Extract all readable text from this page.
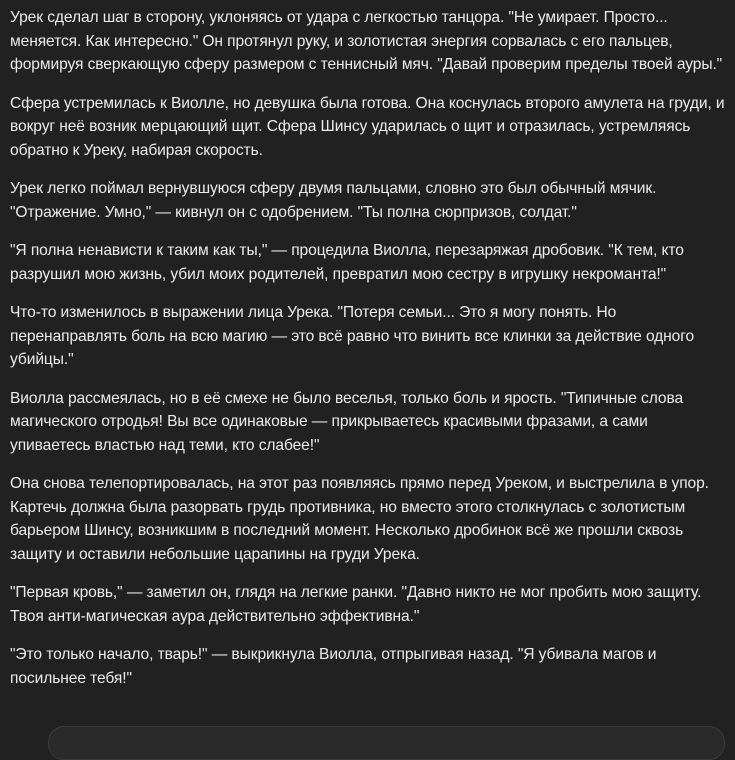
Урек сделал шаг в сторону, уклоняясь от удара с легкостью танцора. "Не умирает. Просто... меняется. Как интересно." Он протянул руку, и золотистая энергия сорвалась с его пальцев, формируя сверкающую сферу размером с теннисный мяч. "Давай проверим пределы твоей ауры."

Сфера устремилась к Виолле, но девушка была готова. Она коснулась второго амулета на груди, и вокруг неё возник мерцающий щит. Сфера Шинсу ударилась о щит и отразилась, устремляясь обратно к Уреку, набирая скорость.

Урек легко поймал вернувшуюся сферу двумя пальцами, словно это был обычный мячик. "Отражение. Умно," — кивнул он с одобрением. "Ты полна сюрпризов, солдат."

"Я полна ненависти к таким как ты," — процедила Виолла, перезаряжая дробовик. "К тем, кто разрушил мою жизнь, убил моих родителей, превратил мою сестру в игрушку некроманта!"

Что-то изменилось в выражении лица Урека. "Потеря семьи... Это я могу понять. Но перенаправлять боль на всю магию — это всё равно что винить все клинки за действие одного убийцы."

Виолла рассмеялась, но в её смехе не было веселья, только боль и ярость. "Типичные слова магического отродья! Вы все одинаковые — прикрываетесь красивыми фразами, а сами упиваетесь властью над теми, кто слабее!"

Она снова телепортировалась, на этот раз появляясь прямо перед Уреком, и выстрелила в упор. Картечь должна была разорвать грудь противника, но вместо этого столкнулась с золотистым барьером Шинсу, возникшим в последний момент. Несколько дробинок всё же прошли сквозь защиту и оставили небольшие царапины на груди Урека.

"Первая кровь," — заметил он, глядя на легкие ранки. "Давно никто не мог пробить мою защиту. Твоя анти-магическая аура действительно эффективна."

"Это только начало, тварь!" — выкрикнула Виолла, отпрыгивая назад. "Я убивала магов и посильнее тебя!"
